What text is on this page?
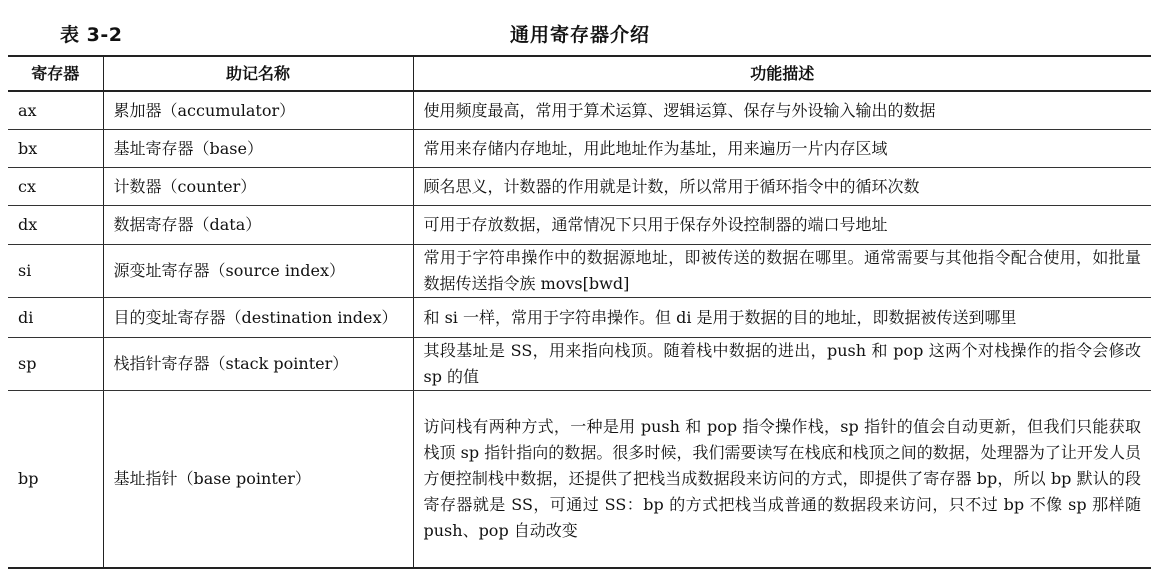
表 3-2	通用寄存器介绍
寄存器	助记名称	功能描述
ax	累加器（accumulator）	使用频度最高，常用于算术运算、逻辑运算、保存与外设输入输出的数据
bx	基址寄存器（base）	常用来存储内存地址，用此地址作为基址，用来遍历一片内存区域
cx	计数器（counter）	顾名思义，计数器的作用就是计数，所以常用于循环指令中的循环次数
dx	数据寄存器（data）	可用于存放数据，通常情况下只用于保存外设控制器的端口号地址
si	源变址寄存器（source index）	常用于字符串操作中的数据源地址，即被传送的数据在哪里。通常需要与其他指令配合使用，如批量数据传送指令族 movs[bwd]
di	目的变址寄存器（destination index）	和 si 一样，常用于字符串操作。但 di 是用于数据的目的地址，即数据被传送到哪里
sp	栈指针寄存器（stack pointer）	其段基址是 SS，用来指向栈顶。随着栈中数据的进出，push 和 pop 这两个对栈操作的指令会修改 sp 的值
bp	基址指针（base pointer）	访问栈有两种方式，一种是用 push 和 pop 指令操作栈，sp 指针的值会自动更新，但我们只能获取栈顶 sp 指针指向的数据。很多时候，我们需要读写在栈底和栈顶之间的数据，处理器为了让开发人员方便控制栈中数据，还提供了把栈当成数据段来访问的方式，即提供了寄存器 bp，所以 bp 默认的段寄存器就是 SS，可通过 SS：bp 的方式把栈当成普通的数据段来访问，只不过 bp 不像 sp 那样随 push、pop 自动改变
